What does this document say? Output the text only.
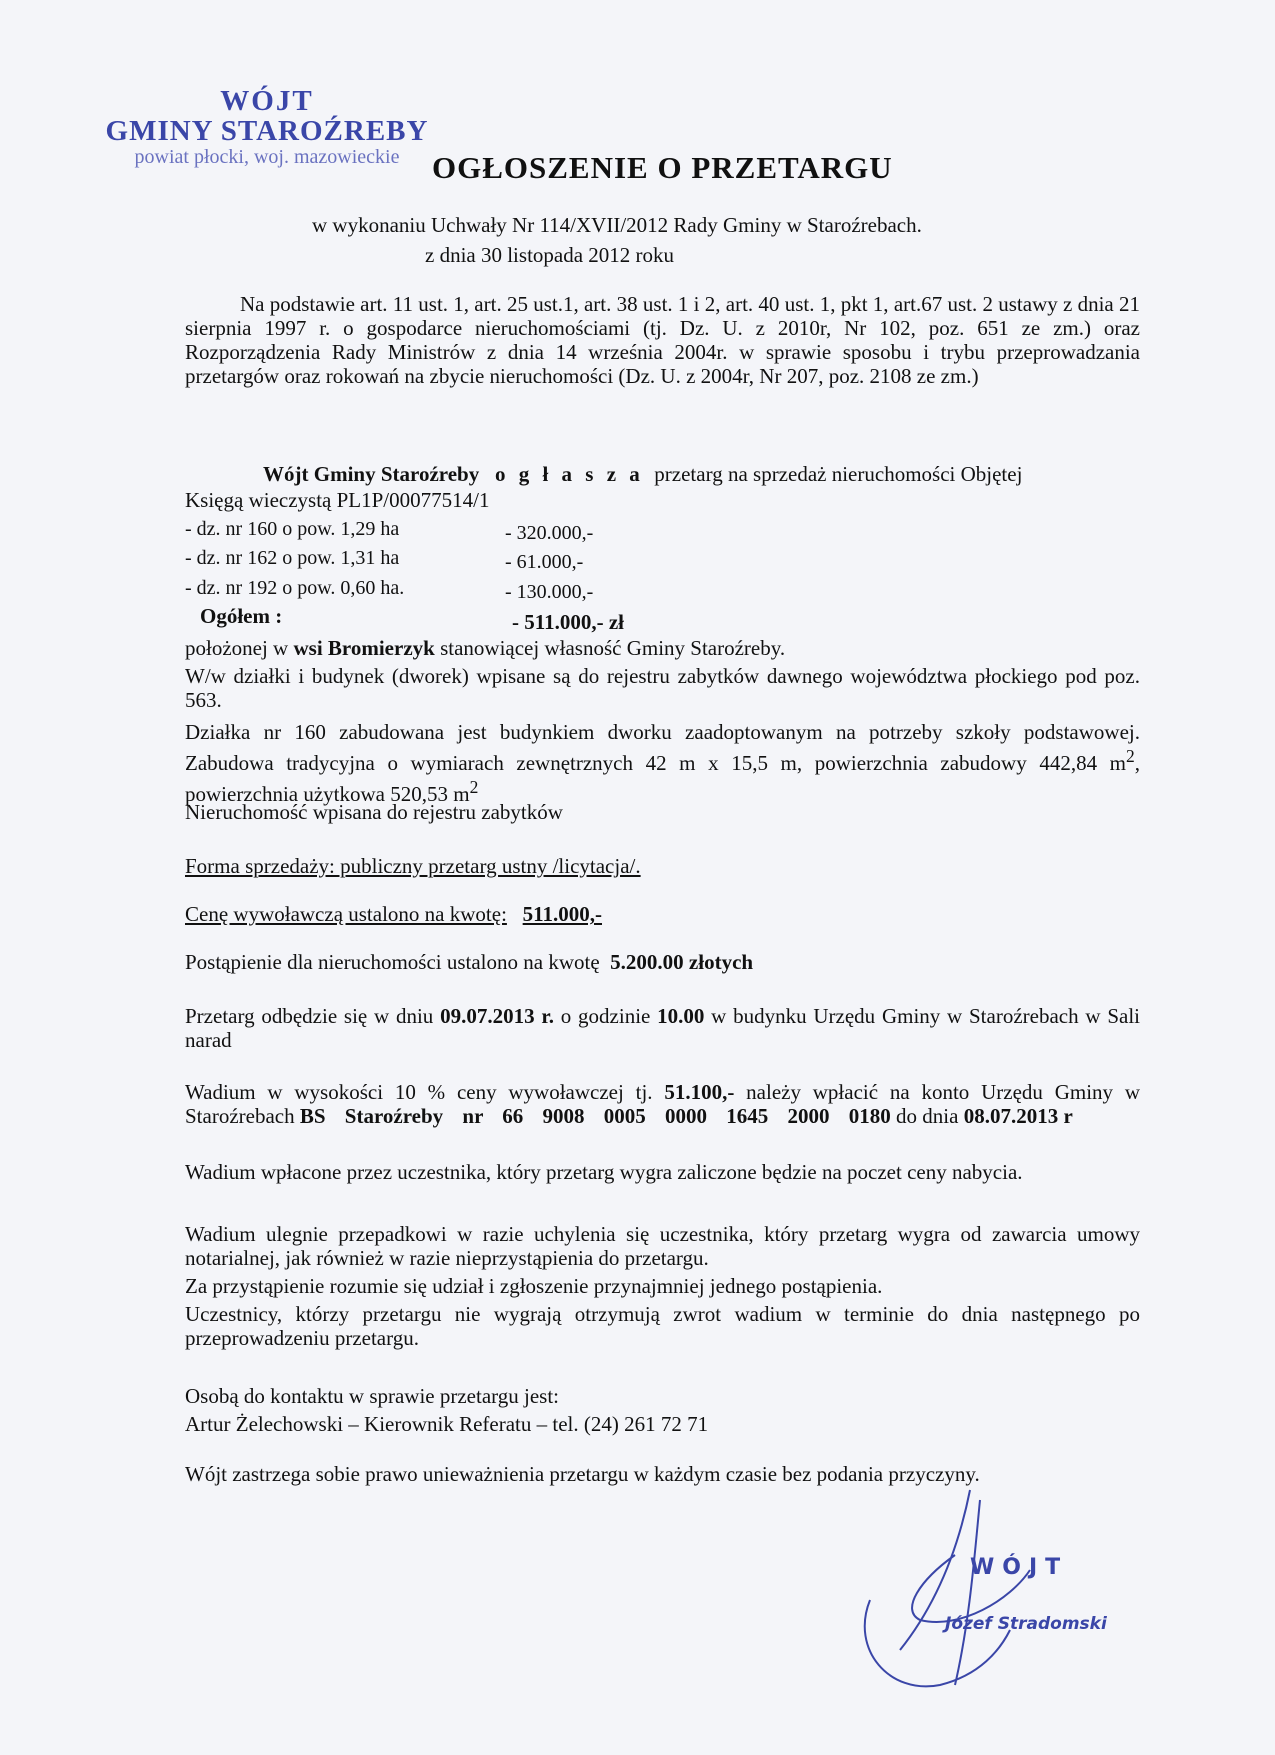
WÓJT
GMINY STAROŹREBY
powiat płocki, woj. mazowieckie	OGŁOSZENIE O PRZETARGU
w wykonaniu Uchwały Nr 114/XVII/2012 Rady Gminy w Staroźrebach.
z dnia 30 listopada 2012 roku
Na podstawie art. 11 ust. 1, art. 25 ust.1, art. 38 ust. 1 i 2, art. 40 ust. 1, pkt 1, art.67 ust. 2 ustawy z dnia 21 sierpnia 1997 r. o gospodarce nieruchomościami (tj. Dz. U. z 2010r, Nr 102, poz. 651 ze zm.) oraz Rozporządzenia Rady Ministrów z dnia 14 września 2004r. w sprawie sposobu i trybu przeprowadzania przetargów oraz rokowań na zbycie nieruchomości (Dz. U. z 2004r, Nr 207, poz. 2108 ze zm.)
Wójt Gminy Staroźreby o g ł a s z a przetarg na sprzedaż nieruchomości Objętej
Księgą wieczystą PL1P/00077514/1
- dz. nr 160 o pow. 1,29 ha	- 320.000,-
- dz. nr 162 o pow. 1,31 ha	- 61.000,-
- dz. nr 192 o pow. 0,60 ha.	- 130.000,-
Ogółem :	- 511.000,- zł
położonej w wsi Bromierzyk stanowiącej własność Gminy Staroźreby.
W/w działki i budynek (dworek) wpisane są do rejestru zabytków dawnego województwa płockiego pod poz. 563.
Działka nr 160 zabudowana jest budynkiem dworku zaadoptowanym na potrzeby szkoły podstawowej. Zabudowa tradycyjna o wymiarach zewnętrznych 42 m x 15,5 m, powierzchnia zabudowy 442,84 $m^2$, powierzchnia użytkowa 520,53 $m^2$
Nieruchomość wpisana do rejestru zabytków
Forma sprzedaży: publiczny przetarg ustny /licytacja/.
Cenę wywoławczą ustalono na kwotę: 511.000,-
Postąpienie dla nieruchomości ustalono na kwotę 5.200.00 złotych
Przetarg odbędzie się w dniu 09.07.2013 r. o godzinie 10.00 w budynku Urzędu Gminy w Staroźrebach w Sali narad
Wadium w wysokości 10 % ceny wywoławczej tj. 51.100,- należy wpłacić na konto Urzędu Gminy w Staroźrebach BS Staroźreby nr 66 9008 0005 0000 1645 2000 0180 do dnia 08.07.2013 r
Wadium wpłacone przez uczestnika, który przetarg wygra zaliczone będzie na poczet ceny nabycia.
Wadium ulegnie przepadkowi w razie uchylenia się uczestnika, który przetarg wygra od zawarcia umowy notarialnej, jak również w razie nieprzystąpienia do przetargu.
Za przystąpienie rozumie się udział i zgłoszenie przynajmniej jednego postąpienia.
Uczestnicy, którzy przetargu nie wygrają otrzymują zwrot wadium w terminie do dnia następnego po przeprowadzeniu przetargu.
Osobą do kontaktu w sprawie przetargu jest:
Artur Żelechowski – Kierownik Referatu – tel. (24) 261 72 71
Wójt zastrzega sobie prawo unieważnienia przetargu w każdym czasie bez podania przyczyny.
WÓJT
Józef Stradomski
